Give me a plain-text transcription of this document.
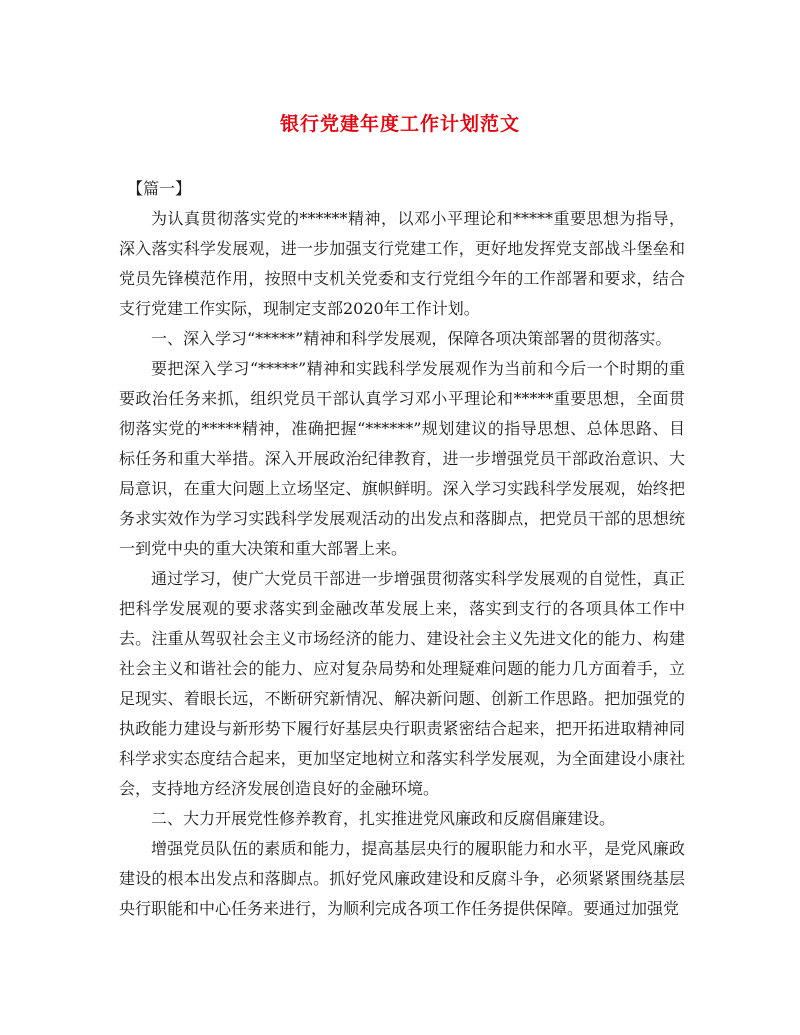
银行党建年度工作计划范文

【篇一】

为认真贯彻落实党的******精神，以邓小平理论和*****重要思想为指导，深入落实科学发展观，进一步加强支行党建工作，更好地发挥党支部战斗堡垒和党员先锋模范作用，按照中支机关党委和支行党组今年的工作部署和要求，结合支行党建工作实际，现制定支部2020年工作计划。

一、深入学习“*****”精神和科学发展观，保障各项决策部署的贯彻落实。

要把深入学习“*****”精神和实践科学发展观作为当前和今后一个时期的重要政治任务来抓，组织党员干部认真学习邓小平理论和*****重要思想，全面贯彻落实党的*****精神，准确把握“******”规划建议的指导思想、总体思路、目标任务和重大举措。深入开展政治纪律教育，进一步增强党员干部政治意识、大局意识，在重大问题上立场坚定、旗帜鲜明。深入学习实践科学发展观，始终把务求实效作为学习实践科学发展观活动的出发点和落脚点，把党员干部的思想统一到党中央的重大决策和重大部署上来。

通过学习，使广大党员干部进一步增强贯彻落实科学发展观的自觉性，真正把科学发展观的要求落实到金融改革发展上来，落实到支行的各项具体工作中去。注重从驾驭社会主义市场经济的能力、建设社会主义先进文化的能力、构建社会主义和谐社会的能力、应对复杂局势和处理疑难问题的能力几方面着手，立足现实、着眼长远，不断研究新情况、解决新问题、创新工作思路。把加强党的执政能力建设与新形势下履行好基层央行职责紧密结合起来，把开拓进取精神同科学求实态度结合起来，更加坚定地树立和落实科学发展观，为全面建设小康社会，支持地方经济发展创造良好的金融环境。

二、大力开展党性修养教育，扎实推进党风廉政和反腐倡廉建设。

增强党员队伍的素质和能力，提高基层央行的履职能力和水平，是党风廉政建设的根本出发点和落脚点。抓好党风廉政建设和反腐斗争，必须紧紧围绕基层央行职能和中心任务来进行，为顺利完成各项工作任务提供保障。要通过加强党
